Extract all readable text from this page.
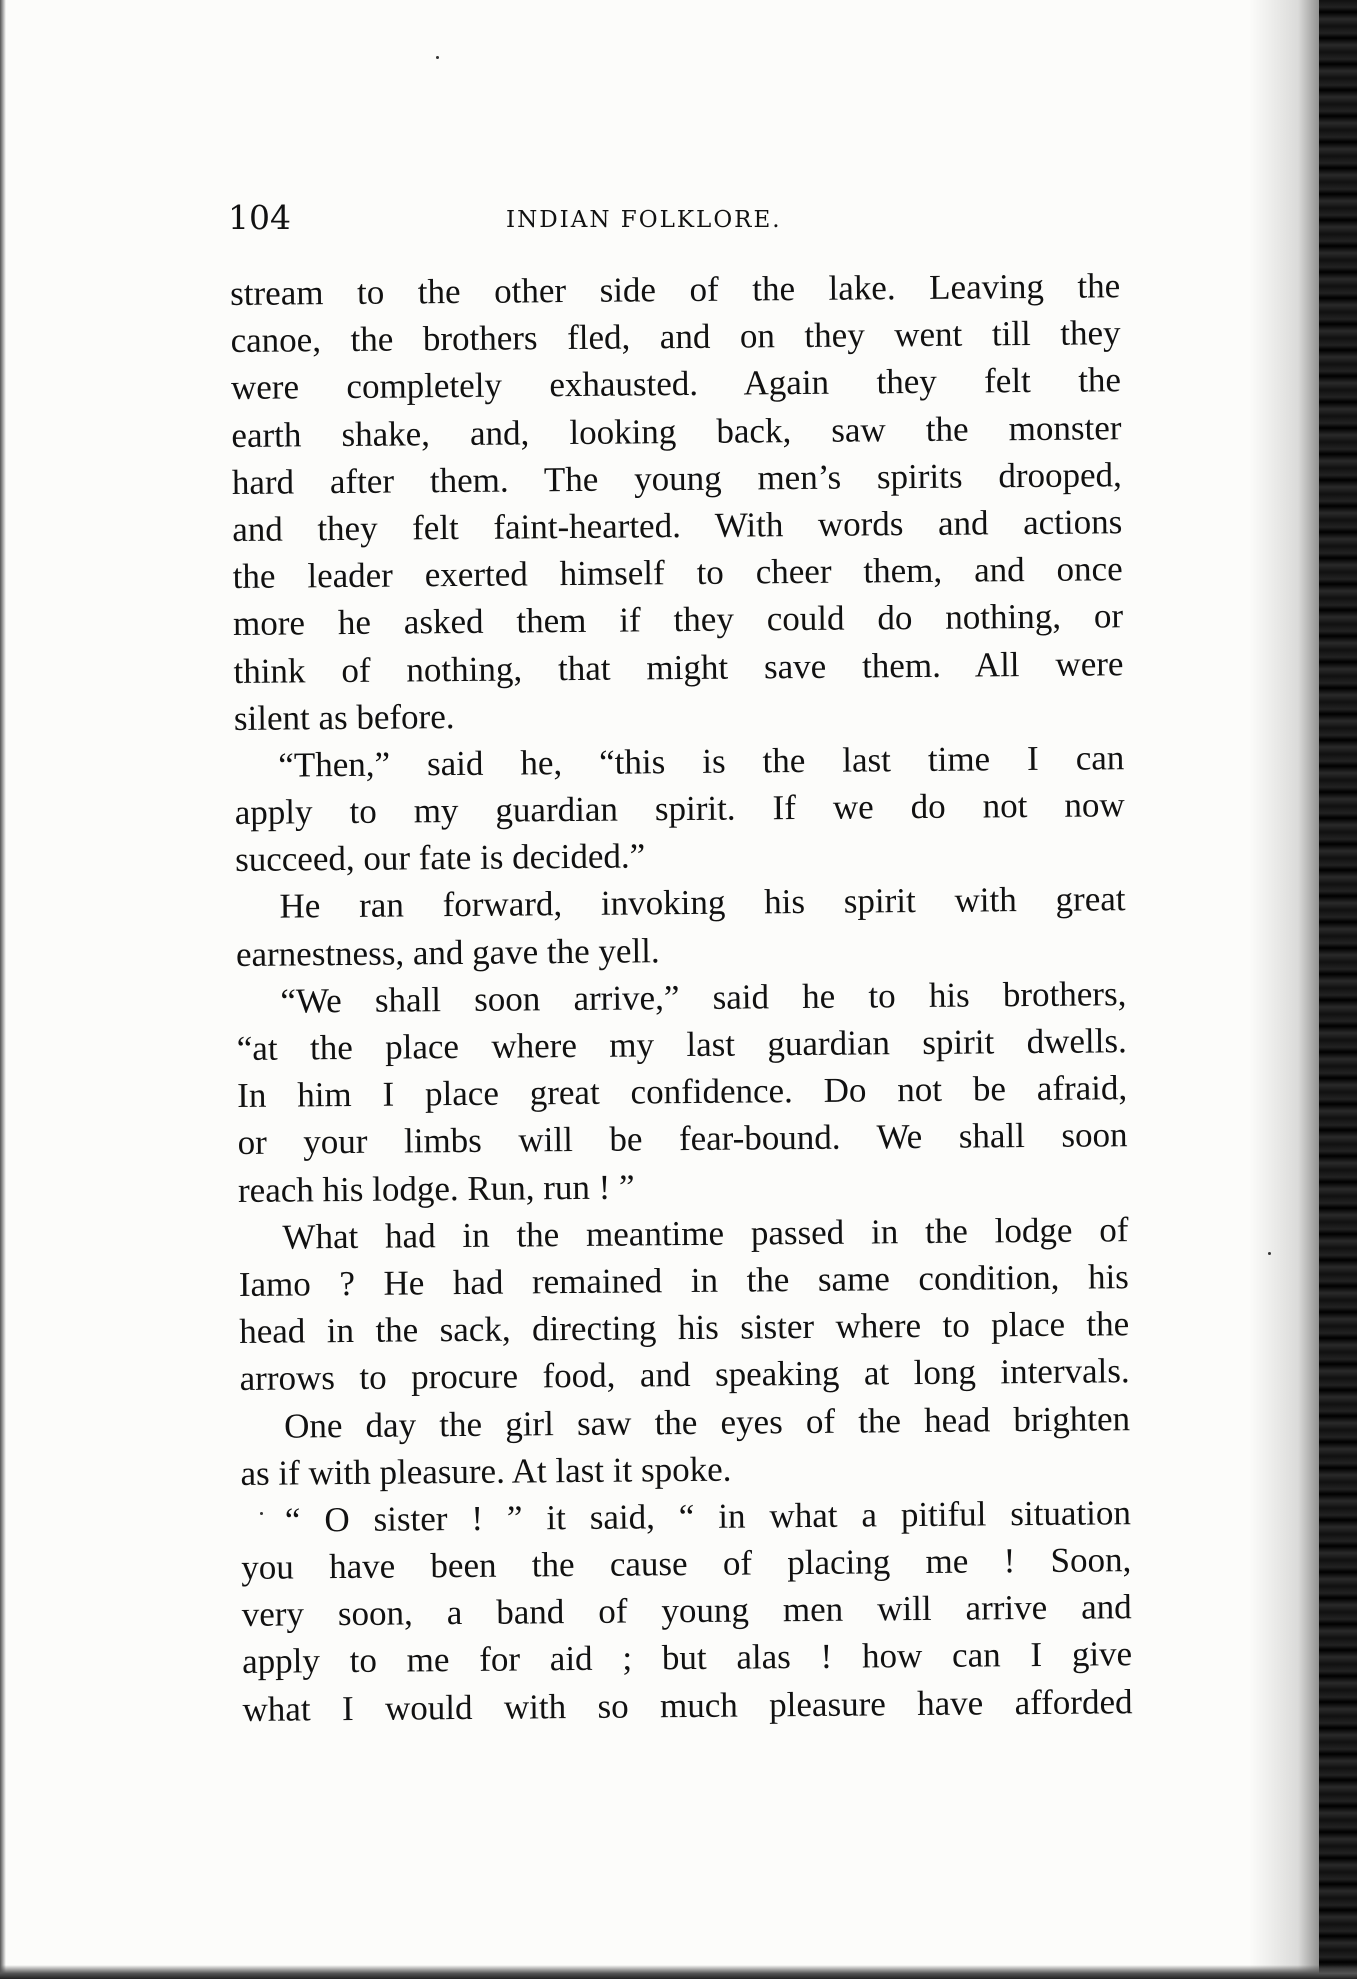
104	INDIAN FOLKLORE.
stream to the other side of the lake. Leaving the
canoe, the brothers fled, and on they went till they
were completely exhausted. Again they felt the
earth shake, and, looking back, saw the monster
hard after them. The young men’s spirits drooped,
and they felt faint-hearted. With words and actions
the leader exerted himself to cheer them, and once
more he asked them if they could do nothing, or
think of nothing, that might save them. All were
silent as before.
“Then,” said he, “this is the last time I can
apply to my guardian spirit. If we do not now
succeed, our fate is decided.”
He ran forward, invoking his spirit with great
earnestness, and gave the yell.
“We shall soon arrive,” said he to his brothers,
“at the place where my last guardian spirit dwells.
In him I place great confidence. Do not be afraid,
or your limbs will be fear-bound. We shall soon
reach his lodge. Run, run ! ”
What had in the meantime passed in the lodge of
Iamo ? He had remained in the same condition, his
head in the sack, directing his sister where to place the
arrows to procure food, and speaking at long intervals.
One day the girl saw the eyes of the head brighten
as if with pleasure. At last it spoke.
“ O sister ! ” it said, “ in what a pitiful situation
you have been the cause of placing me ! Soon,
very soon, a band of young men will arrive and
apply to me for aid ; but alas ! how can I give
what I would with so much pleasure have afforded
